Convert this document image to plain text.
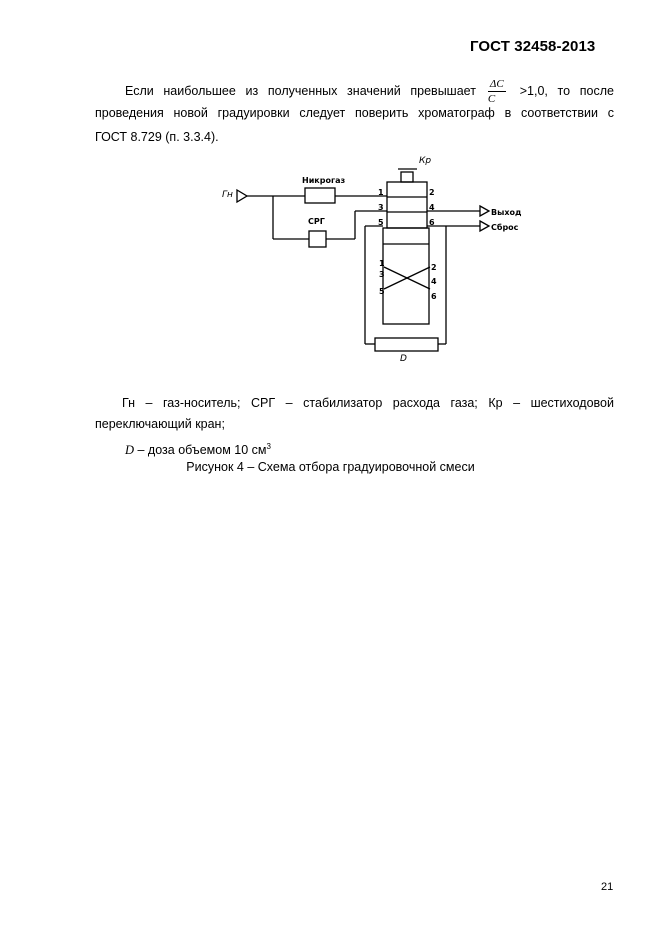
ГОСТ 32458-2013
Если наибольшее из полученных значений превышает $\frac{\Delta C}{C} >1,0$, то после
проведения новой градуировки следует поверить хроматограф в соответствии с
ГОСТ 8.729 (п. 3.3.4).
Гн
Никрогаз
СРГ
Кр
Выход
Сброс
D
1	2
3	4
5	6
1	2
3
4
5
6
Гн – газ-носитель; СРГ – стабилизатор расхода газа; Кр – шестиходовой
переключающий кран;
D – доза объемом 10 $см^3$
Рисунок 4 – Схема отбора градуировочной смеси
21
